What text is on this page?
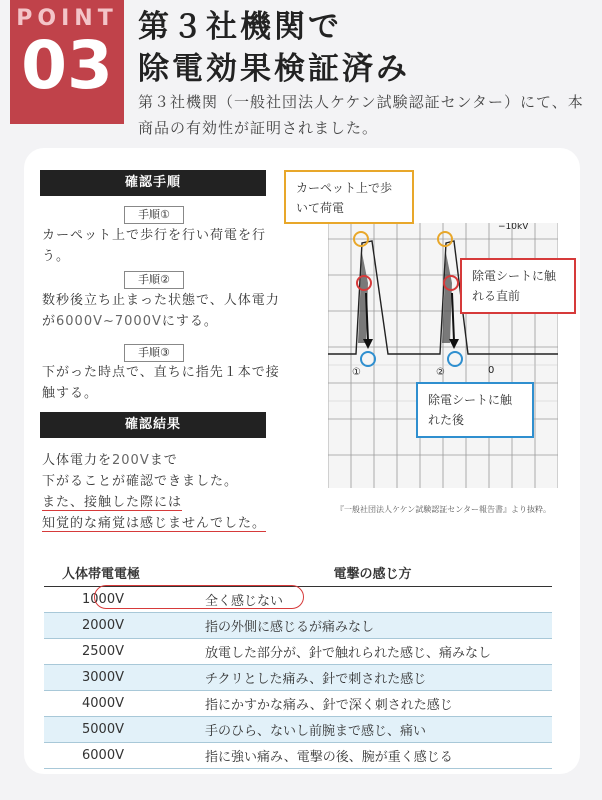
POINT
03 第３社機関で
除電効果検証済み
第３社機関（一般社団法人ケケン試験認証センター）にて、本商品の有効性が証明されました。
確認手順
手順①
カーペット上で歩行を行い荷電を行う。
手順②
数秒後立ち止まった状態で、人体電力が6000V~7000Vにする。
手順③
下がった時点で、直ちに指先１本で接触する。
確認結果
人体電力を200Vまで
下がることが確認できました。
また、接触した際には
知覚的な痛覚は感じませんでした。
−10kV
0
①	②
カーペット上で歩いて荷電
除電シートに触れる直前
除電シートに触れた後
『一般社団法人ケケン試験認証センター報告書』より抜粋。
人体帯電電極	電撃の感じ方
1000V	全く感じない
2000V	指の外側に感じるが痛みなし
2500V	放電した部分が、針で触れられた感じ、痛みなし
3000V	チクリとした痛み、針で刺された感じ
4000V	指にかすかな痛み、針で深く刺された感じ
5000V	手のひら、ないし前腕まで感じ、痛い
6000V	指に強い痛み、電撃の後、腕が重く感じる
